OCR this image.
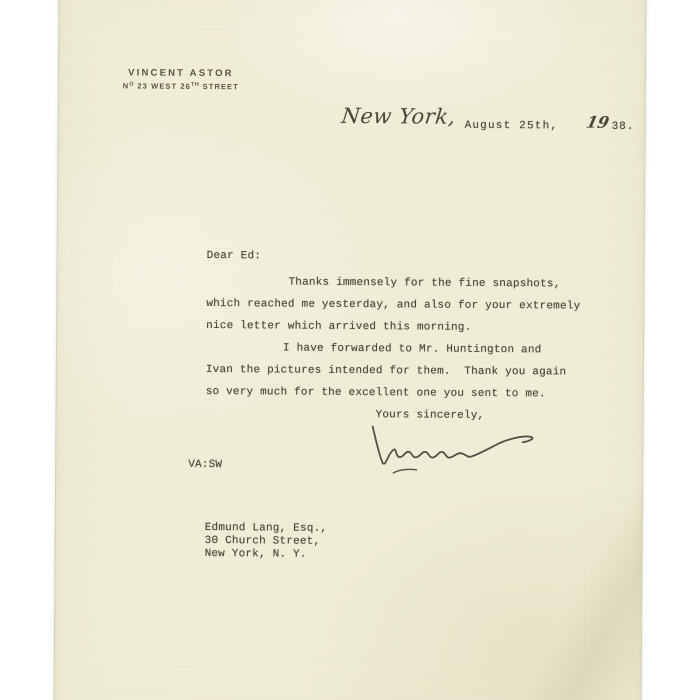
VINCENT ASTOR
$N^O$ 23 WEST 26TH STREET
New York, August 25th, 19 38.
Dear Ed:
Thanks immensely for the fine snapshots,
which reached me yesterday, and also for your extremely
nice letter which arrived this morning.
I have forwarded to Mr. Huntington and
Ivan the pictures intended for them.  Thank you again
so very much for the excellent one you sent to me.
Yours sincerely,
VA:SW
Edmund Lang, Esq.,
30 Church Street,
New York, N. Y.
